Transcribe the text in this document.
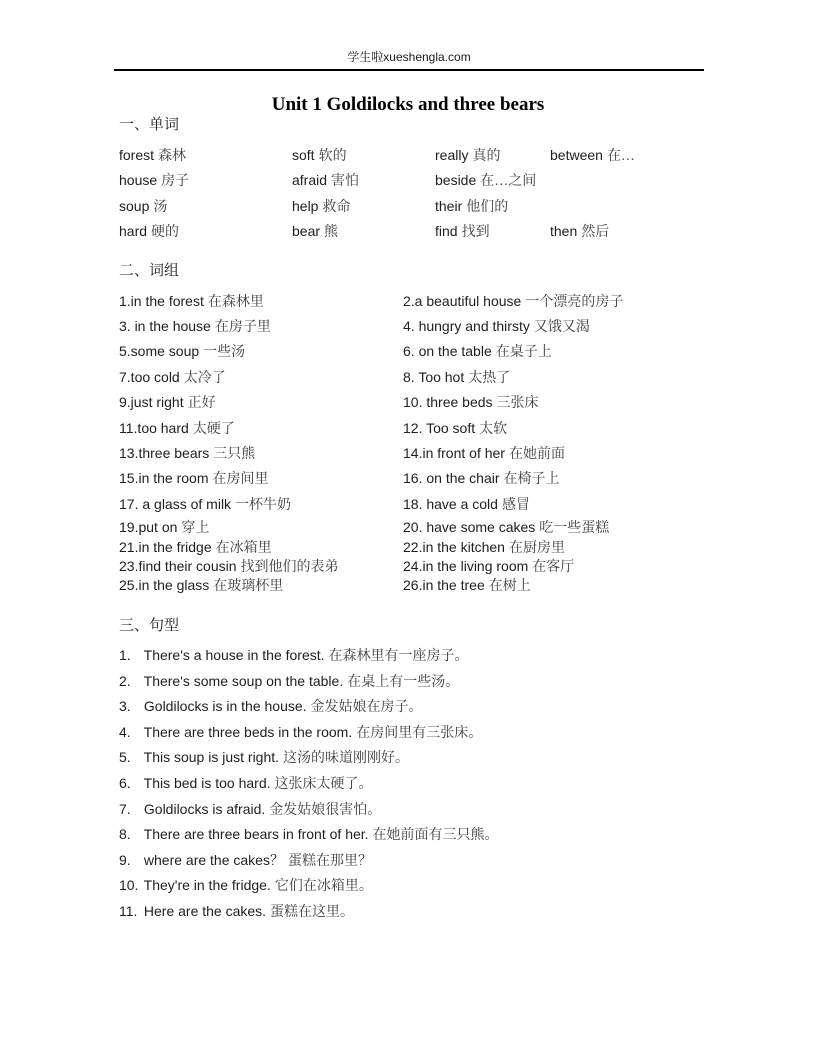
学生啦xueshengla.com
Unit 1 Goldilocks and three bears
一、单词
forest 森林	soft 软的	really 真的	between 在…
house 房子	afraid 害怕	beside 在…之间
soup 汤	help 救命	their 他们的
hard 硬的	bear 熊	find 找到	then 然后
二、词组
1.in the forest 在森林里	2.a beautiful house 一个漂亮的房子
3. in the house 在房子里	4. hungry and thirsty 又饿又渴
5.some soup 一些汤	6. on the table 在桌子上
7.too cold 太冷了	8. Too hot 太热了
9.just right 正好	10. three beds 三张床
11.too hard 太硬了	12. Too soft 太软
13.three bears 三只熊	14.in front of her 在她前面
15.in the room 在房间里	16. on the chair 在椅子上
17. a glass of milk 一杯牛奶	18. have a cold 感冒
19.put on 穿上	20. have some cakes 吃一些蛋糕
21.in the fridge 在冰箱里	22.in the kitchen 在厨房里
23.find their cousin 找到他们的表弟	24.in the living room 在客厅
25.in the glass 在玻璃杯里	26.in the tree 在树上
三、句型
1. There's a house in the forest. 在森林里有一座房子。
2. There's some soup on the table. 在桌上有一些汤。
3. Goldilocks is in the house. 金发姑娘在房子。
4. There are three beds in the room. 在房间里有三张床。
5. This soup is just right. 这汤的味道刚刚好。
6. This bed is too hard. 这张床太硬了。
7. Goldilocks is afraid. 金发姑娘很害怕。
8. There are three bears in front of her. 在她前面有三只熊。
9. where are the cakes？ 蛋糕在那里？
10. They're in the fridge. 它们在冰箱里。
11. Here are the cakes. 蛋糕在这里。
